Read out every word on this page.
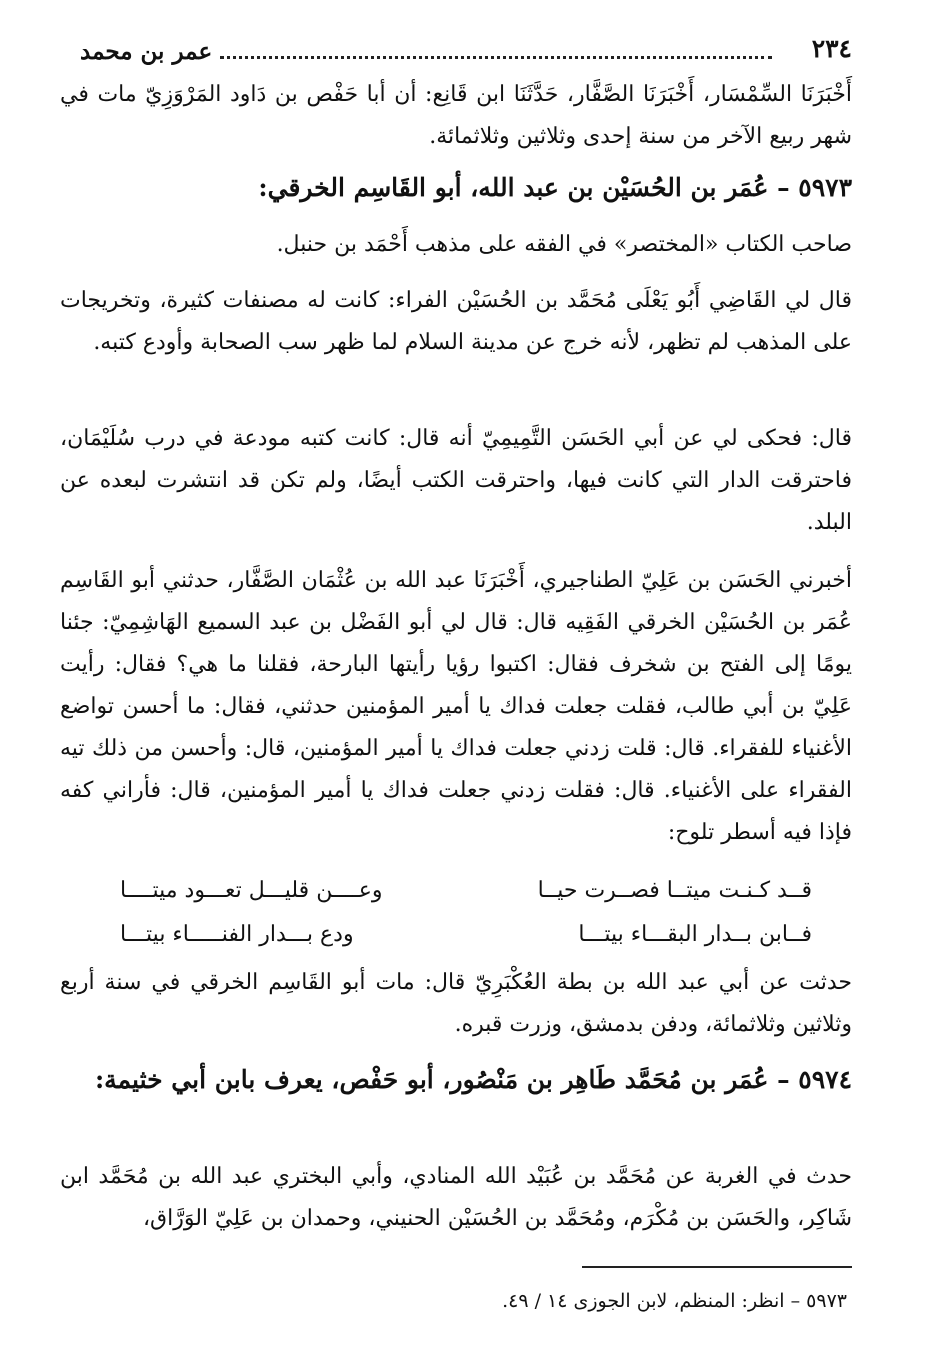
٢٣٤
عمر بن محمد

أَخْبَرَنَا السِّمْسَار، أَخْبَرَنَا الصَّفَّار، حَدَّثَنَا ابن قَانِع: أن أبا حَفْص بن دَاود المَرْوَزِيّ مات في شهر ربيع الآخر من سنة إحدى وثلاثين وثلاثمائة.

٥٩٧٣ – عُمَر بن الحُسَيْن بن عبد الله، أبو القَاسِم الخرقي:

صاحب الكتاب «المختصر» في الفقه على مذهب أَحْمَد بن حنبل.

قال لي القَاضِي أَبُو يَعْلَى مُحَمَّد بن الحُسَيْن الفراء: كانت له مصنفات كثيرة، وتخريجات على المذهب لم تظهر، لأنه خرج عن مدينة السلام لما ظهر سب الصحابة وأودع كتبه.

قال: فحكى لي عن أبي الحَسَن التَّمِيمِيّ أنه قال: كانت كتبه مودعة في درب سُلَيْمَان، فاحترقت الدار التي كانت فيها، واحترقت الكتب أيضًا، ولم تكن قد انتشرت لبعده عن البلد.

أخبرني الحَسَن بن عَلِيّ الطناجيري، أَخْبَرَنَا عبد الله بن عُثْمَان الصَّفَّار، حدثني أبو القَاسِم عُمَر بن الحُسَيْن الخرقي الفَقِيه قال: قال لي أبو الفَضْل بن عبد السميع الهَاشِمِيّ: جئنا يومًا إلى الفتح بن شخرف فقال: اكتبوا رؤيا رأيتها البارحة، فقلنا ما هي؟ فقال: رأيت عَلِيّ بن أبي طالب، فقلت جعلت فداك يا أمير المؤمنين حدثني، فقال: ما أحسن تواضع الأغنياء للفقراء. قال: قلت زدني جعلت فداك يا أمير المؤمنين، قال: وأحسن من ذلك تيه الفقراء على الأغنياء. قال: فقلت زدني جعلت فداك يا أمير المؤمنين، قال: فأراني كفه فإذا فيه أسطر تلوح:

قــد كـنـت ميتــا فصــرت حيــا
وعــــن قليـــل تعـــود ميتــــا
فــابن بــدار البقـــاء بيتـــا
ودع بـــدار الفنـــــاء بيتـــا

حدثت عن أبي عبد الله بن بطة العُكْبَرِيّ قال: مات أبو القَاسِم الخرقي في سنة أربع وثلاثين وثلاثمائة، ودفن بدمشق، وزرت قبره.

٥٩٧٤ – عُمَر بن مُحَمَّد طَاهِر بن مَنْصُور، أبو حَفْص، يعرف بابن أبي خثيمة:

حدث في الغربة عن مُحَمَّد بن عُبَيْد الله المنادي، وأبي البختري عبد الله بن مُحَمَّد ابن شَاكِر، والحَسَن بن مُكْرَم، ومُحَمَّد بن الحُسَيْن الحنيني، وحمدان بن عَلِيّ الوَرَّاق،

٥٩٧٣ – انظر: المنظم، لابن الجوزى ١٤ / ٤٩.
